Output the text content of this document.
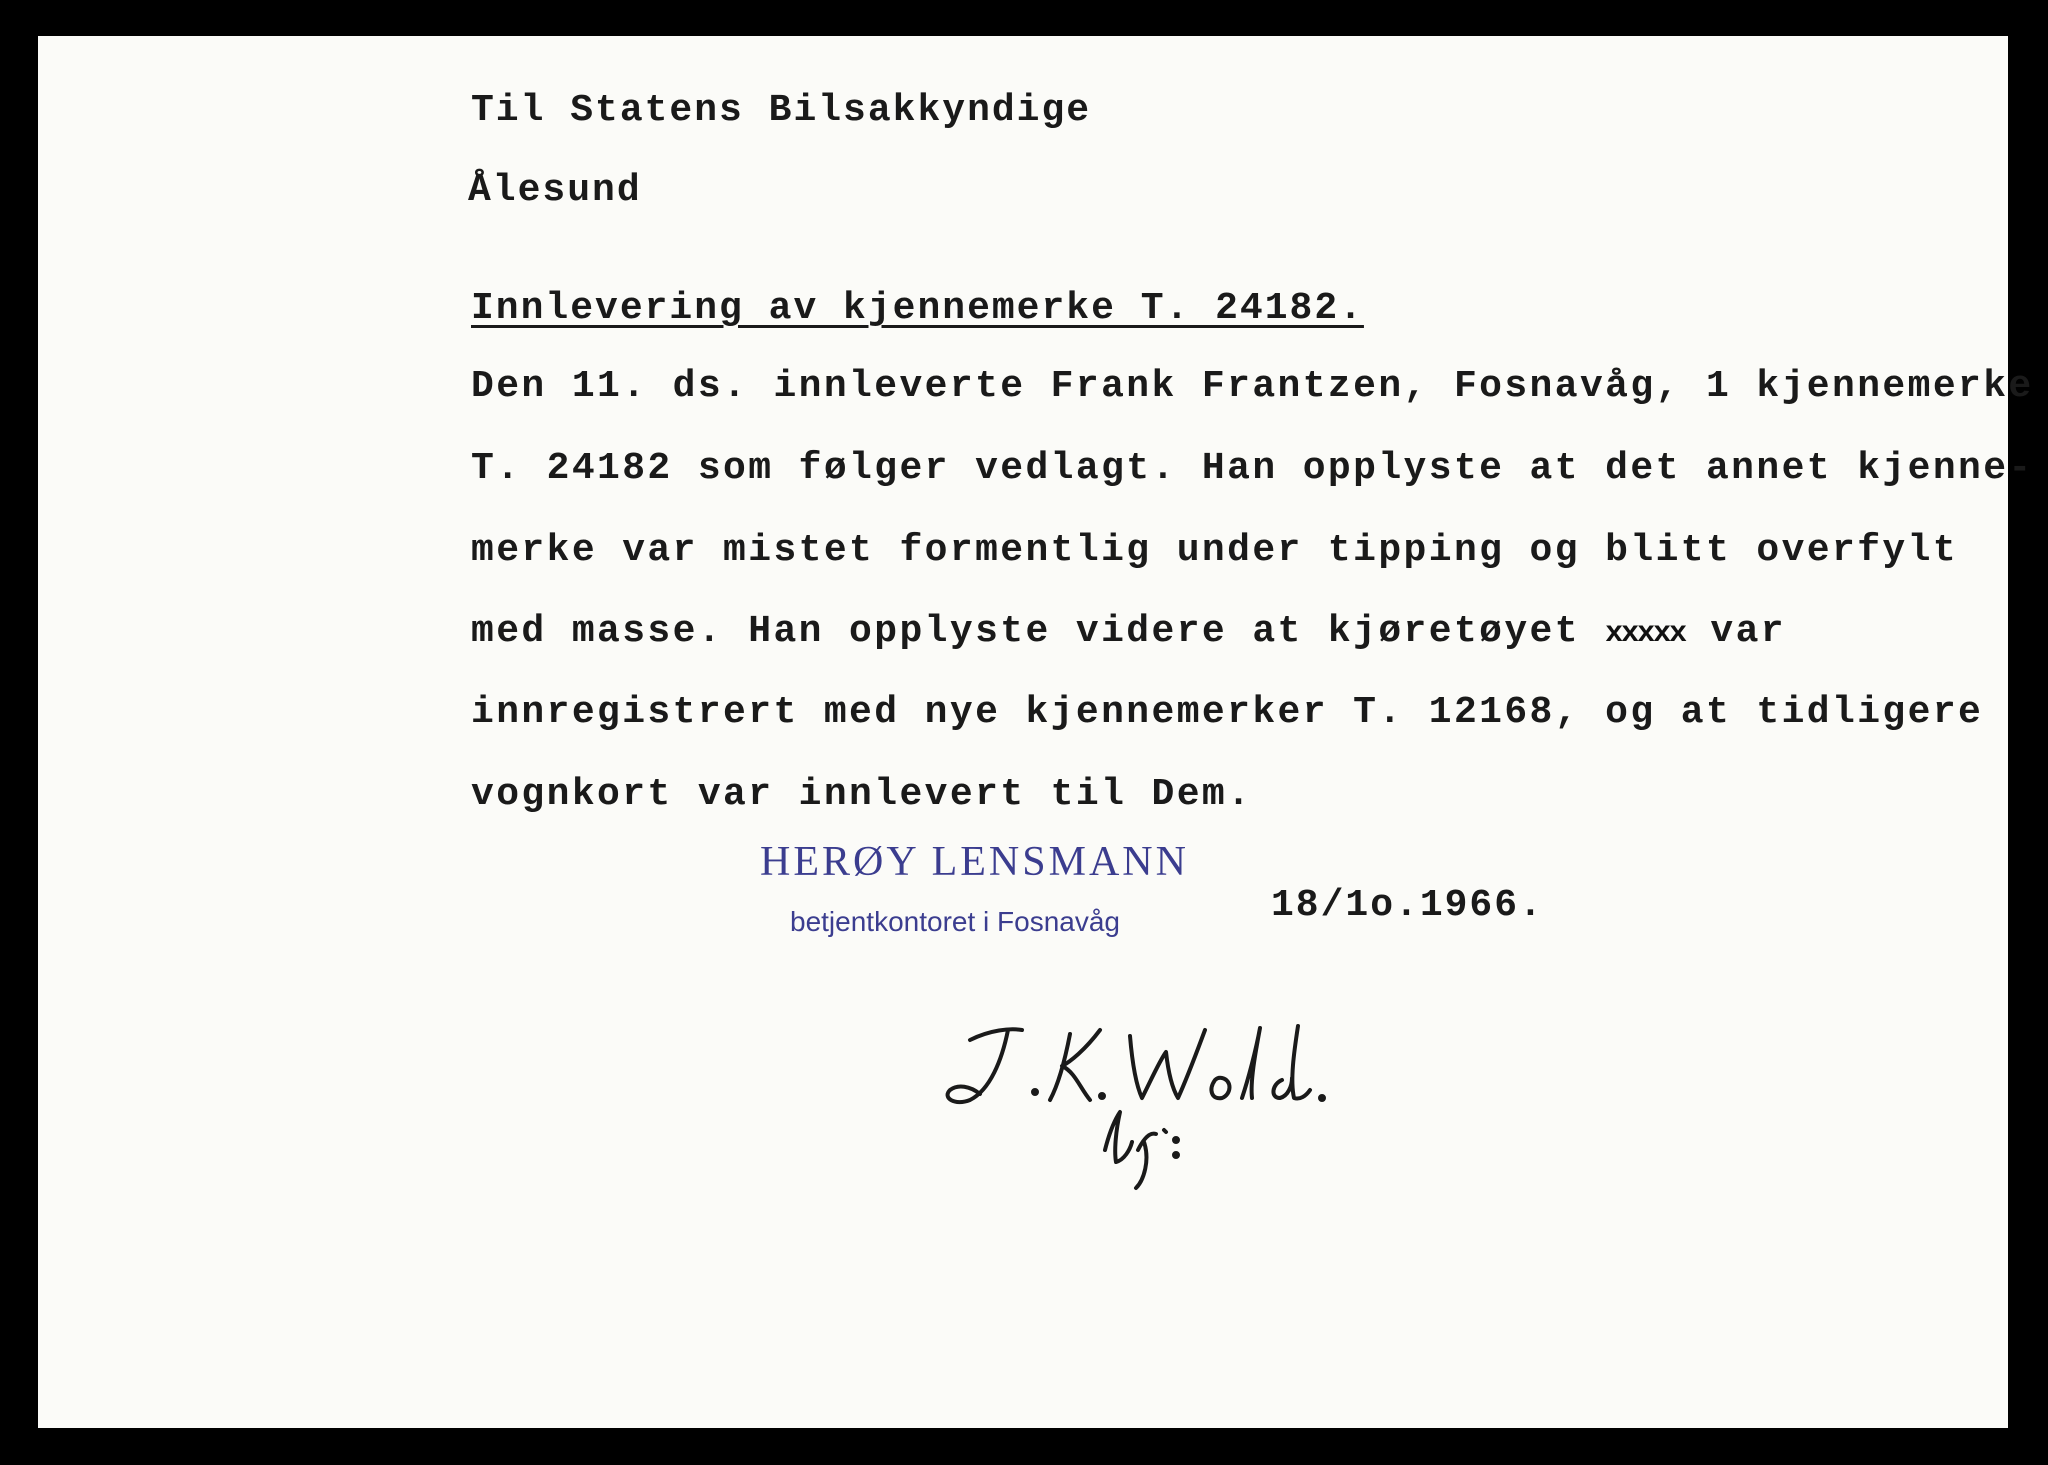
Til Statens Bilsakkyndige
Ålesund
Innlevering av kjennemerke T. 24182.
Den 11. ds. innleverte Frank Frantzen, Fosnavåg, 1 kjennemerke
T. 24182 som følger vedlagt. Han opplyste at det annet kjenne-
merke var mistet formentlig under tipping og blitt overfylt
med masse. Han opplyste videre at kjøretøyet xxxxx var
innregistrert med nye kjennemerker T. 12168, og at tidligere
vognkort var innlevert til Dem.
HERØY LENSMANN
betjentkontoret i Fosnavåg	18/1o.1966.
